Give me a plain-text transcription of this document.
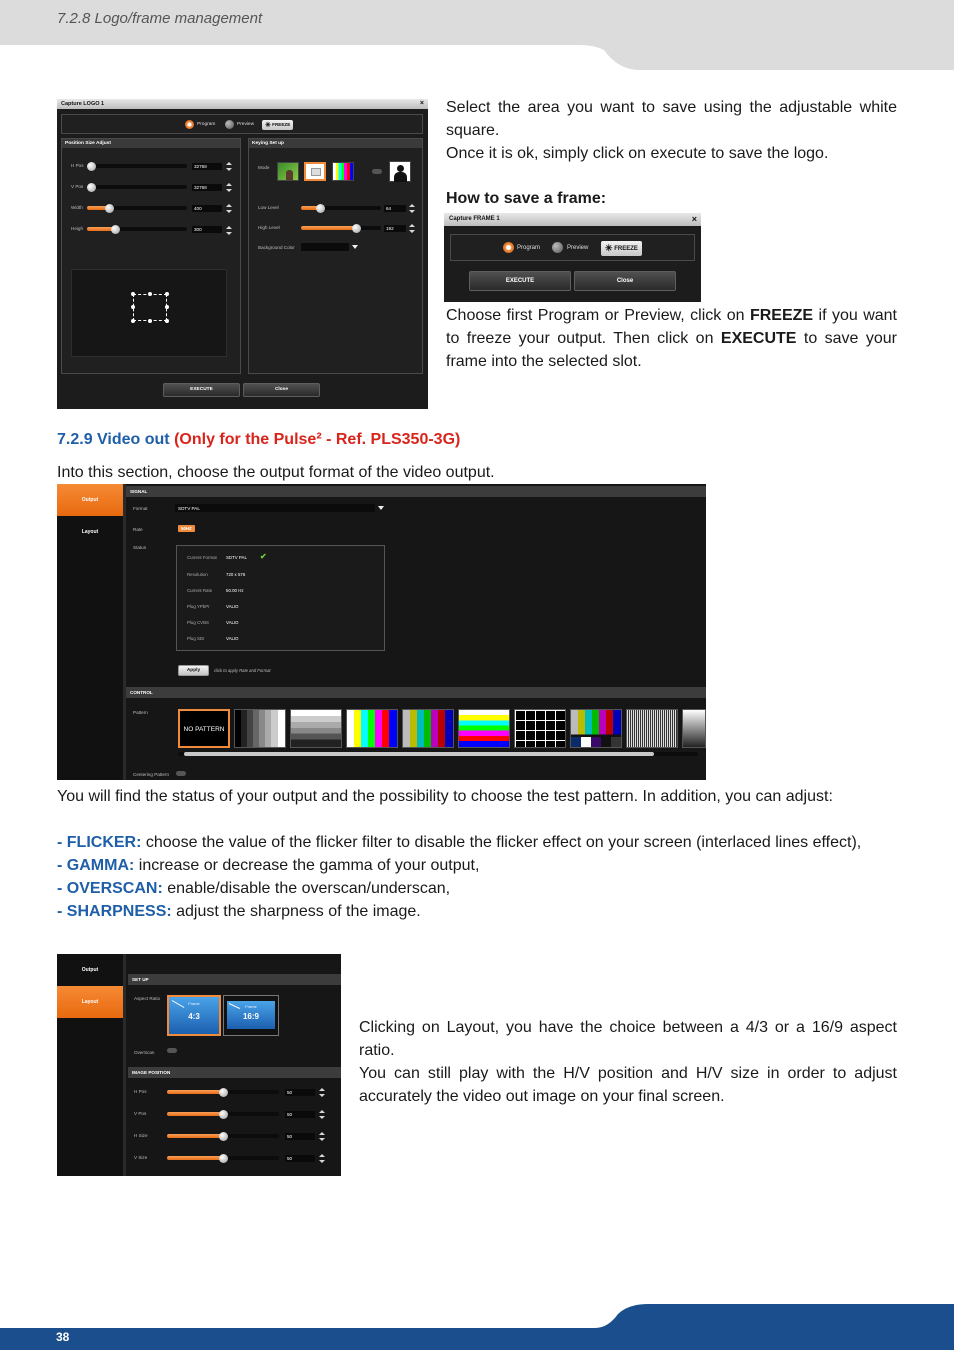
7.2.8 Logo/frame management
Capture LOGO 1	×
Program	Preview	✳ FREEZE
Position Size Adjust
H Pos	32768
V Pos	32768
Width	400
Heigh	300
Keying Set up
Mode
Low Level	64
High Level	192
Background Color
EXECUTE	Close
Select the area you want to save using the adjustable white square.
Once it is ok, simply click on execute to save the logo.
How to save a frame:
Capture FRAME 1	×
Program	Preview	✳ FREEZE
EXECUTE	Close
Choose first Program or Preview, click on FREEZE if you want to freeze your output. Then click on EXECUTE to save your frame into the selected slot.
7.2.9 Video out (Only for the Pulse² - Ref. PLS350-3G)
Into this section, choose the output format of the video output.
Output
Layout
SIGNAL
Format	SDTV PAL
Rate	50HZ
Status
Current Format SDTV PAL ✔
Resolution	720 x 576
Current Rate	50.00 Hz
Plug YPbPr	VALID
Plug CVBS	VALID
Plug SDI	VALID
Apply	click to apply Rate and Format
CONTROL
Pattern
NO PATTERN
Centering Pattern
You will find the status of your output and the possibility to choose the test pattern. In addition, you can adjust:
- FLICKER: choose the value of the flicker filter to disable the flicker effect on your screen (interlaced lines effect),
- GAMMA: increase or decrease the gamma of your output,
- OVERSCAN: enable/disable the overscan/underscan,
- SHARPNESS: adjust the sharpness of the image.
Output
Layout
SET UP
Aspect Ratio
Frame
4:3
Frame
16:9
OverScan
IMAGE POSITION
H Pos	50
V Pos	50
H Size	50
V Size	50
Clicking on Layout, you have the choice between a 4/3 or a 16/9 aspect ratio.
You can still play with the H/V position and H/V size in order to adjust accurately the video out image on your final screen.
38
